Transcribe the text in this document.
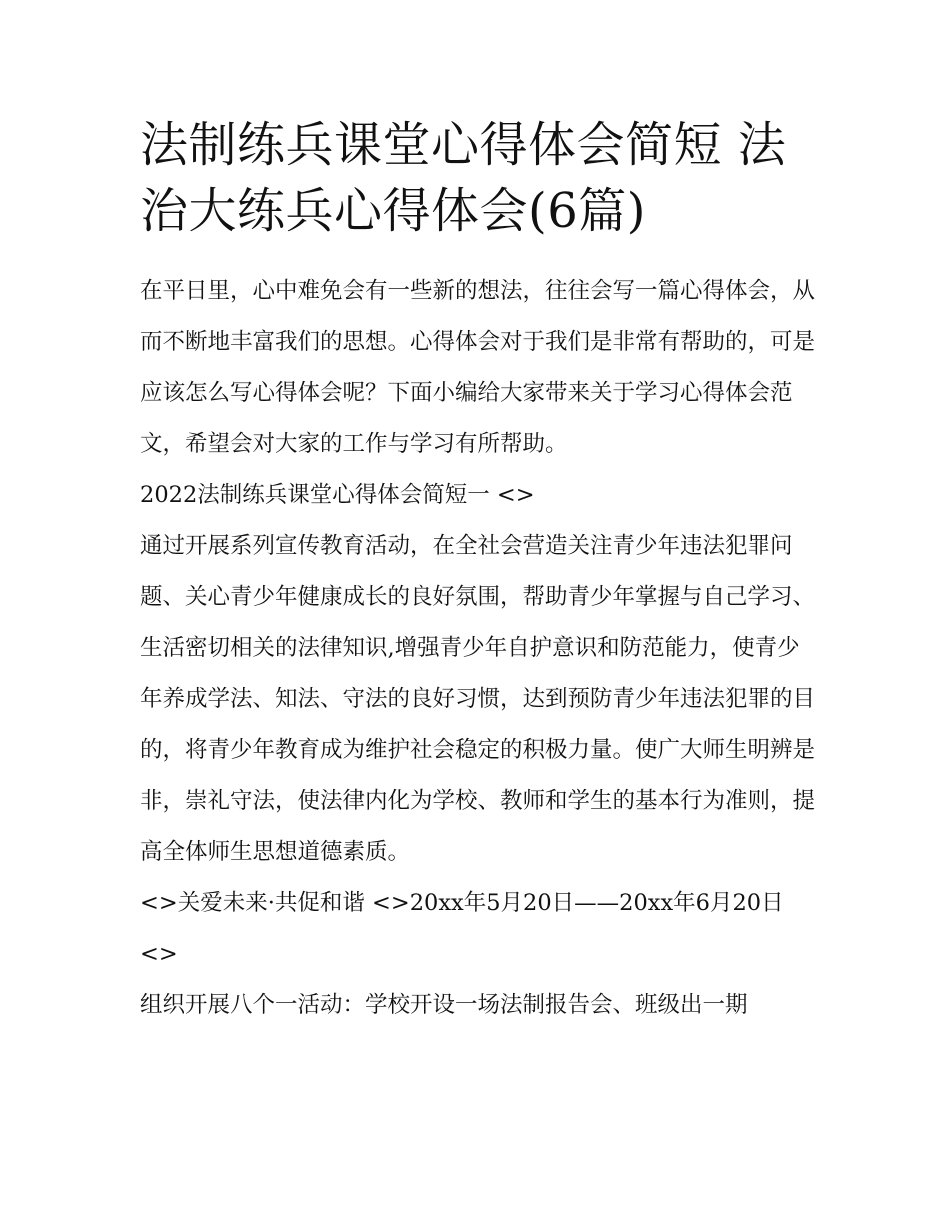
法制练兵课堂心得体会简短 法
治大练兵心得体会(6篇)

在平日里，心中难免会有一些新的想法，往往会写一篇心得体会，从而不断地丰富我们的思想。心得体会对于我们是非常有帮助的，可是应该怎么写心得体会呢？下面小编给大家带来关于学习心得体会范文，希望会对大家的工作与学习有所帮助。

2022法制练兵课堂心得体会简短一 <>

通过开展系列宣传教育活动，在全社会营造关注青少年违法犯罪问题、关心青少年健康成长的良好氛围，帮助青少年掌握与自己学习、生活密切相关的法律知识,增强青少年自护意识和防范能力，使青少年养成学法、知法、守法的良好习惯，达到预防青少年违法犯罪的目的，将青少年教育成为维护社会稳定的积极力量。使广大师生明辨是非，崇礼守法，使法律内化为学校、教师和学生的基本行为准则，提高全体师生思想道德素质。

<>关爱未来·共促和谐 <>20xx年5月20日——20xx年6月20日 <>

组织开展八个一活动：学校开设一场法制报告会、班级出一期
